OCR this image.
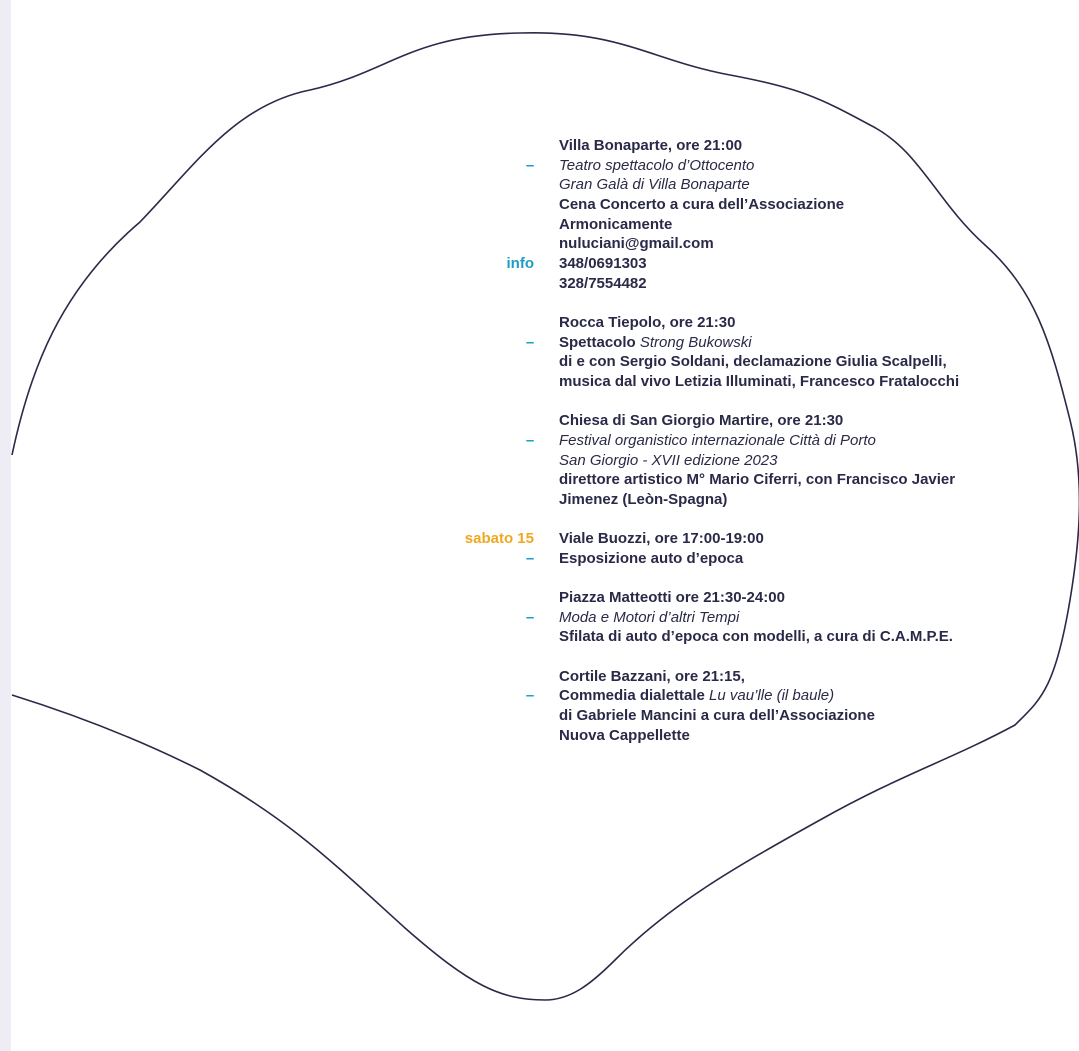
Villa Bonaparte, ore 21:00
– Teatro spettacolo d’Ottocento
Gran Galà di Villa Bonaparte
Cena Concerto a cura dell’Associazione
Armonicamente
nuluciani@gmail.com
info 348/0691303
328/7554482
Rocca Tiepolo, ore 21:30
– Spettacolo Strong Bukowski
di e con Sergio Soldani, declamazione Giulia Scalpelli,
musica dal vivo Letizia Illuminati, Francesco Fratalocchi
Chiesa di San Giorgio Martire, ore 21:30
– Festival organistico internazionale Città di Porto
San Giorgio - XVII edizione 2023
direttore artistico M° Mario Ciferri, con Francisco Javier
Jimenez (Leòn-Spagna)
sabato 15 Viale Buozzi, ore 17:00-19:00
– Esposizione auto d’epoca
Piazza Matteotti ore 21:30-24:00
– Moda e Motori d’altri Tempi
Sfilata di auto d’epoca con modelli, a cura di C.A.M.P.E.
Cortile Bazzani, ore 21:15,
– Commedia dialettale Lu vau’lle (il baule)
di Gabriele Mancini a cura dell’Associazione
Nuova Cappellette
